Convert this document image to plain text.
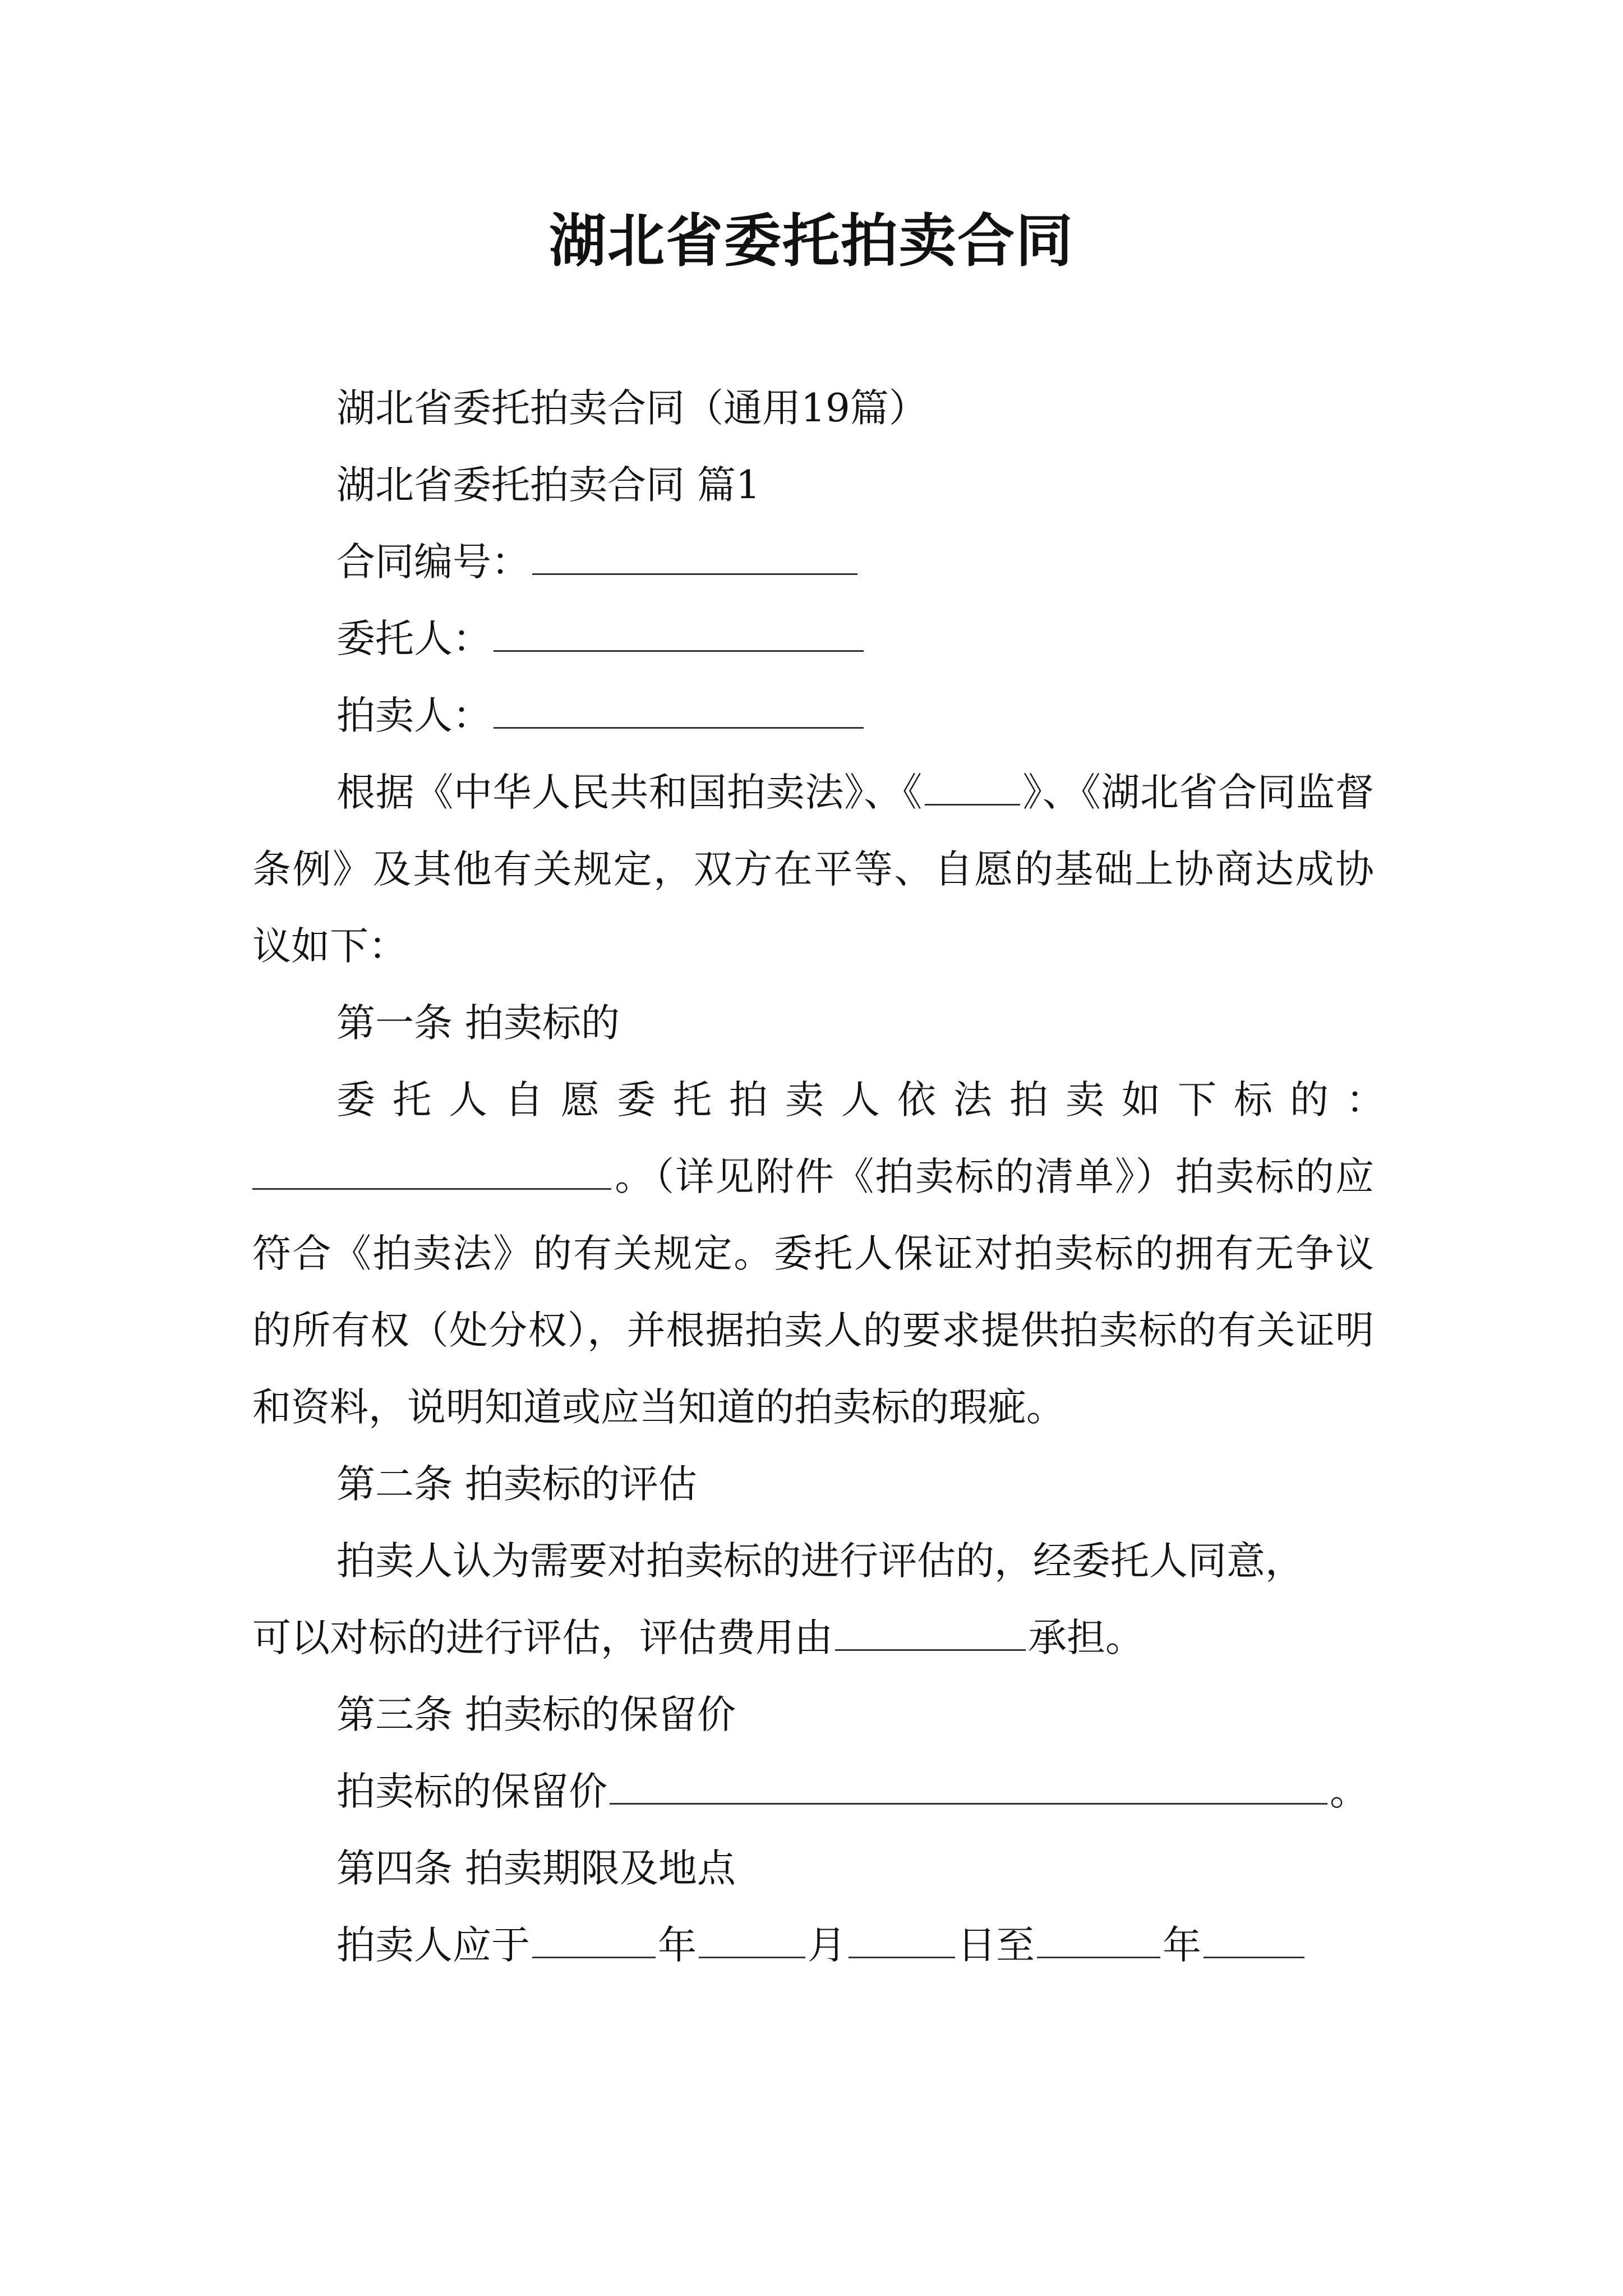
湖北省委托拍卖合同

湖北省委托拍卖合同（通用19篇）

湖北省委托拍卖合同 篇1

合同编号：

委托人：

拍卖人：

根据《中华人民共和国拍卖法》、《	》、《湖北省合同监督条例》及其他有关规定，双方在平等、自愿的基础上协商达成协议如下：

第一条 拍卖标的

委托人自愿委托拍卖人依法拍卖如下标的：

。（详见附件《拍卖标的清单》）拍卖标的应符合《拍卖法》的有关规定。委托人保证对拍卖标的拥有无争议的所有权（处分权），并根据拍卖人的要求提供拍卖标的有关证明和资料，说明知道或应当知道的拍卖标的瑕疵。

第二条 拍卖标的评估

拍卖人认为需要对拍卖标的进行评估的，经委托人同意，

可以对标的进行评估，评估费用由	承担。

第三条 拍卖标的保留价

拍卖标的保留价	。

第四条 拍卖期限及地点

拍卖人应于	年	月	日至	年
